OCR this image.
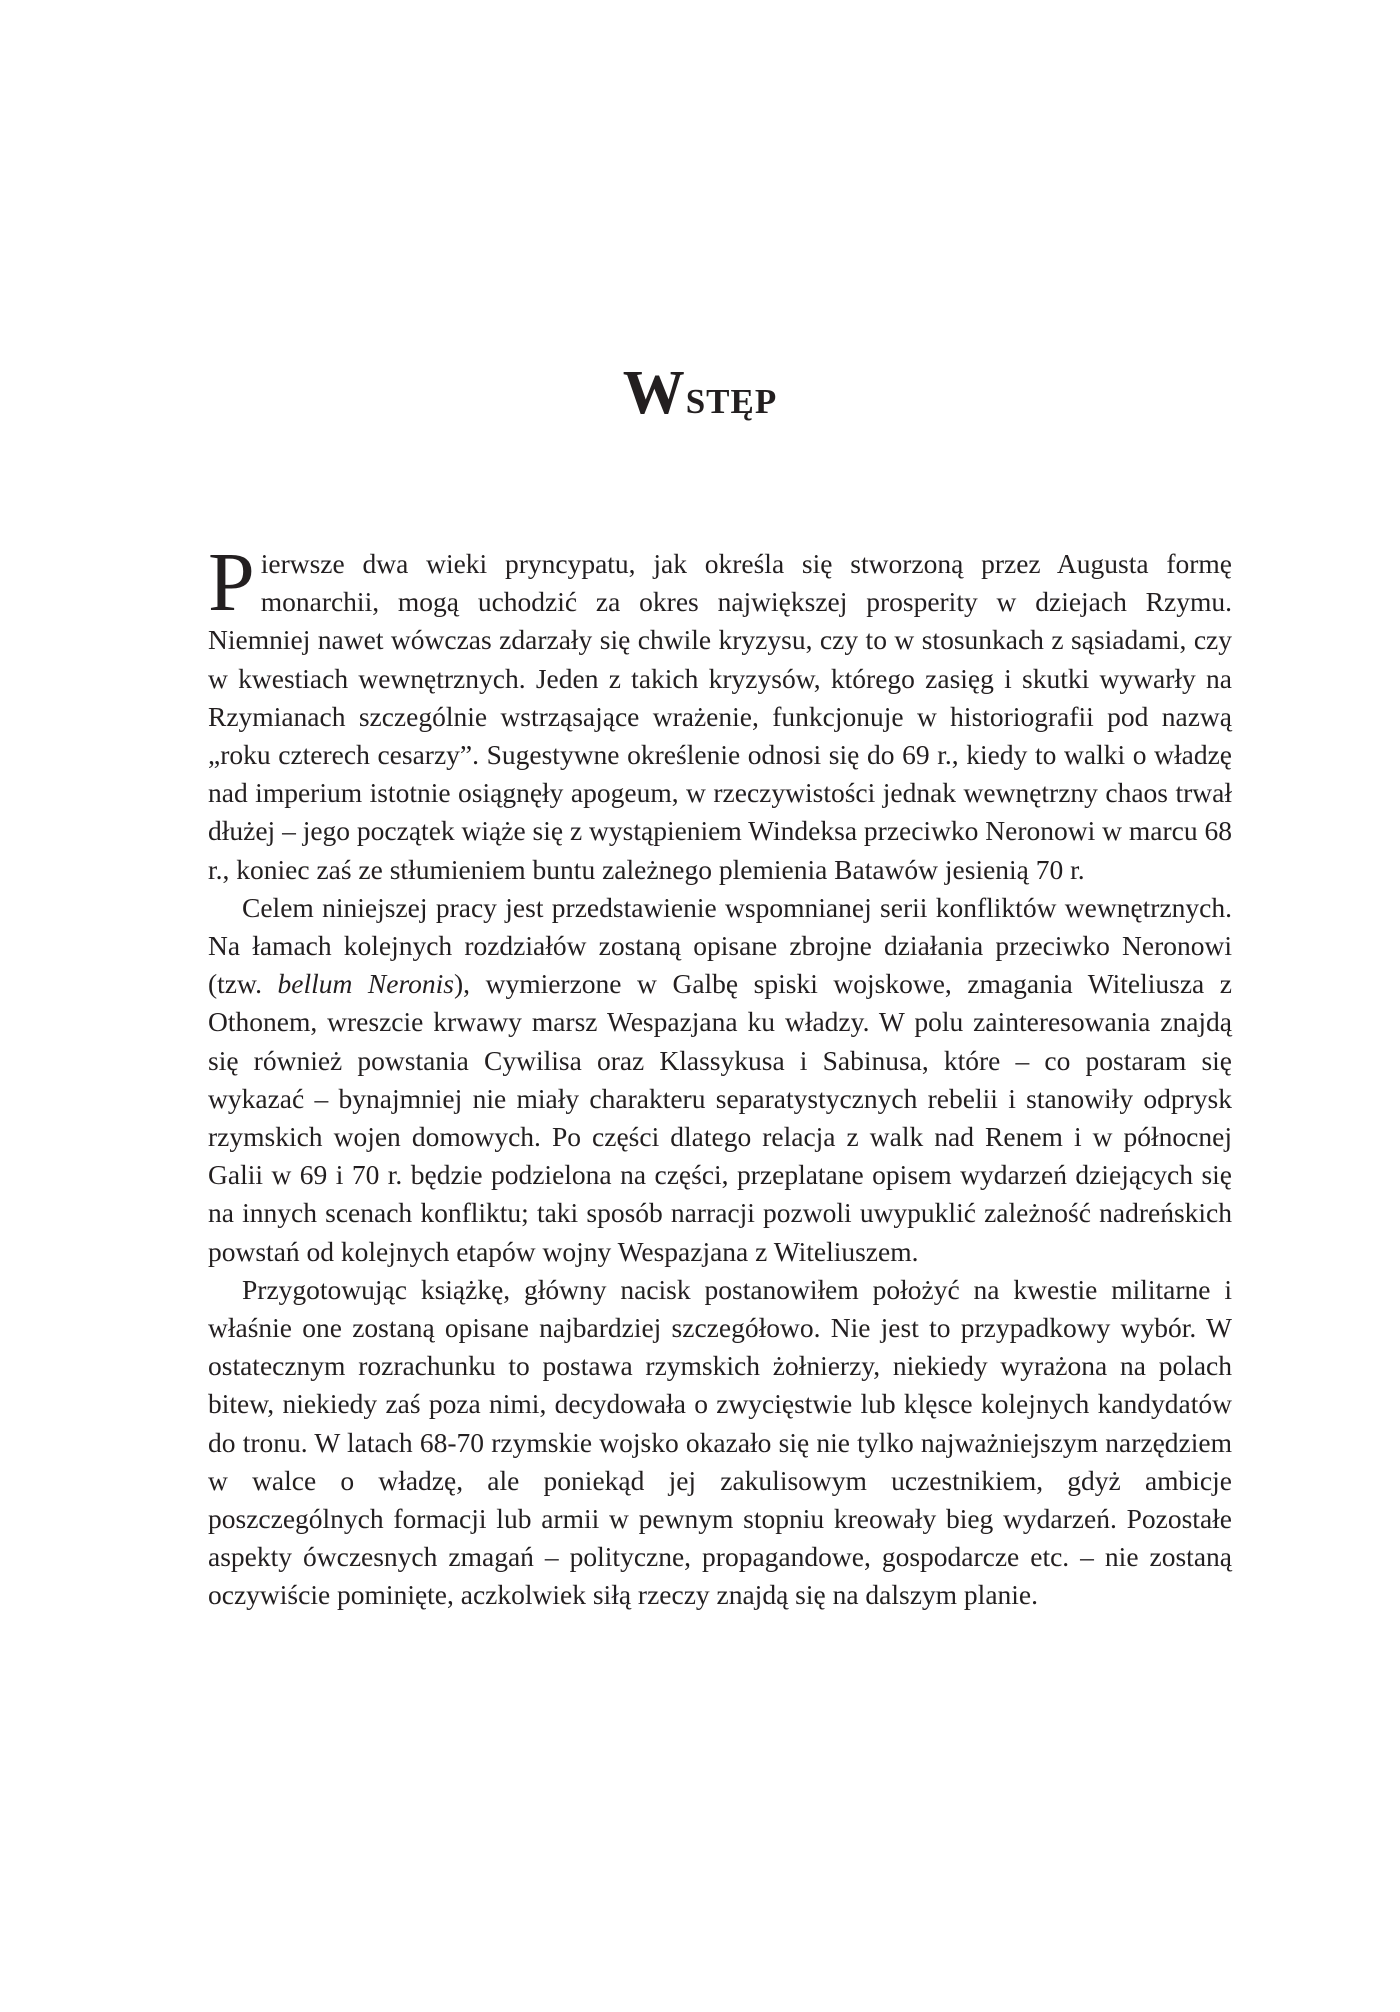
Wstęp

Pierwsze dwa wieki pryncypatu, jak określa się stworzoną przez Augusta formę monarchii, mogą uchodzić za okres największej prosperity w dziejach Rzymu. Niemniej nawet wówczas zdarzały się chwile kryzysu, czy to w stosunkach z sąsiadami, czy w kwestiach wewnętrznych. Jeden z takich kryzysów, którego zasięg i skutki wywarły na Rzymianach szczególnie wstrząsające wrażenie, funkcjonuje w historiografii pod nazwą „roku czterech cesarzy”. Sugestywne określenie odnosi się do 69 r., kiedy to walki o władzę nad imperium istotnie osiągnęły apogeum, w rzeczywistości jednak wewnętrzny chaos trwał dłużej – jego początek wiąże się z wystąpieniem Windeksa przeciwko Neronowi w marcu 68 r., koniec zaś ze stłumieniem buntu zależnego plemienia Batawów jesienią 70 r.

Celem niniejszej pracy jest przedstawienie wspomnianej serii konfliktów wewnętrznych. Na łamach kolejnych rozdziałów zostaną opisane zbrojne działania przeciwko Neronowi (tzw. bellum Neronis), wymierzone w Galbę spiski wojskowe, zmagania Witeliusza z Othonem, wreszcie krwawy marsz Wespazjana ku władzy. W polu zainteresowania znajdą się również powstania Cywilisa oraz Klassykusa i Sabinusa, które – co postaram się wykazać – bynajmniej nie miały charakteru separatystycznych rebelii i stanowiły odprysk rzymskich wojen domowych. Po części dlatego relacja z walk nad Renem i w północnej Galii w 69 i 70 r. będzie podzielona na części, przeplatane opisem wydarzeń dziejących się na innych scenach konfliktu; taki sposób narracji pozwoli uwypuklić zależność nadreńskich powstań od kolejnych etapów wojny Wespazjana z Witeliuszem.

Przygotowując książkę, główny nacisk postanowiłem położyć na kwestie militarne i właśnie one zostaną opisane najbardziej szczegółowo. Nie jest to przypadkowy wybór. W ostatecznym rozrachunku to postawa rzymskich żołnierzy, niekiedy wyrażona na polach bitew, niekiedy zaś poza nimi, decydowała o zwycięstwie lub klęsce kolejnych kandydatów do tronu. W latach 68-70 rzymskie wojsko okazało się nie tylko najważniejszym narzędziem w walce o władzę, ale poniekąd jej zakulisowym uczestnikiem, gdyż ambicje poszczególnych formacji lub armii w pewnym stopniu kreowały bieg wydarzeń. Pozostałe aspekty ówczesnych zmagań – polityczne, propagandowe, gospodarcze etc. – nie zostaną oczywiście pominięte, aczkolwiek siłą rzeczy znajdą się na dalszym planie.
